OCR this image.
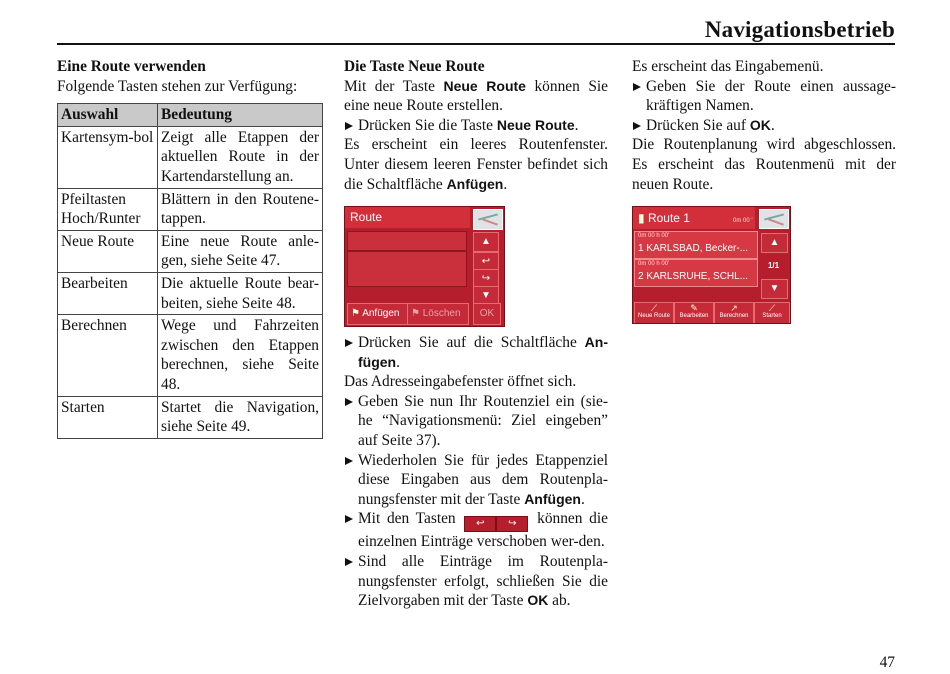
Navigationsbetrieb

Eine Route verwenden

Folgende Tasten stehen zur Verfügung:

Auswahl	Bedeutung
Kartensym-bol	Zeigt alle Etappen der aktuellen Route in der Kartendarstellung an.
Pfeiltasten Hoch/Runter	Blättern in den Routene-tappen.
Neue Route	Eine neue Route anle-gen, siehe Seite 47.
Bearbeiten	Die aktuelle Route bear-beiten, siehe Seite 48.
Berechnen	Wege und Fahrzeiten zwischen den Etappen berechnen, siehe Seite 48.
Starten	Startet die Navigation, siehe Seite 49.

Die Taste Neue Route

Mit der Taste Neue Route können Sie eine neue Route erstellen.

Drücken Sie die Taste Neue Route.

Es erscheint ein leeres Routenfenster. Unter diesem leeren Fenster befindet sich die Schaltfläche Anfügen.

Route
▲
↩
↪
▼
⚑ Anfügen	⚑ Löschen	OK

Drücken Sie auf die Schaltfläche An-fügen.

Das Adresseingabefenster öffnet sich.

Geben Sie nun Ihr Routenziel ein (sie-he “Navigationsmenü: Ziel eingeben” auf Seite 37).

Wiederholen Sie für jedes Etappenziel diese Eingaben aus dem Routenpla-nungsfenster mit der Taste Anfügen.

Mit den Tasten ↩ ↪ können die einzelnen Einträge verschoben wer-den.

Sind alle Einträge im Routenpla-nungsfenster erfolgt, schließen Sie die Zielvorgaben mit der Taste OK ab.

Es erscheint das Eingabemenü.

Geben Sie der Route einen aussage-kräftigen Namen.

Drücken Sie auf OK.

Die Routenplanung wird abgeschlossen. Es erscheint das Routenmenü mit der neuen Route.

▮ Route 1	0m 00 '
0m 00 h 00'
1 KARLSBAD, Becker-...
0m 00 h 00'
2 KARLSRUHE, SCHL...
▲
1/1
▼
⟋
Neue Route
✎
Bearbeiten
↗
Berechnen
⟋
Starten
47
